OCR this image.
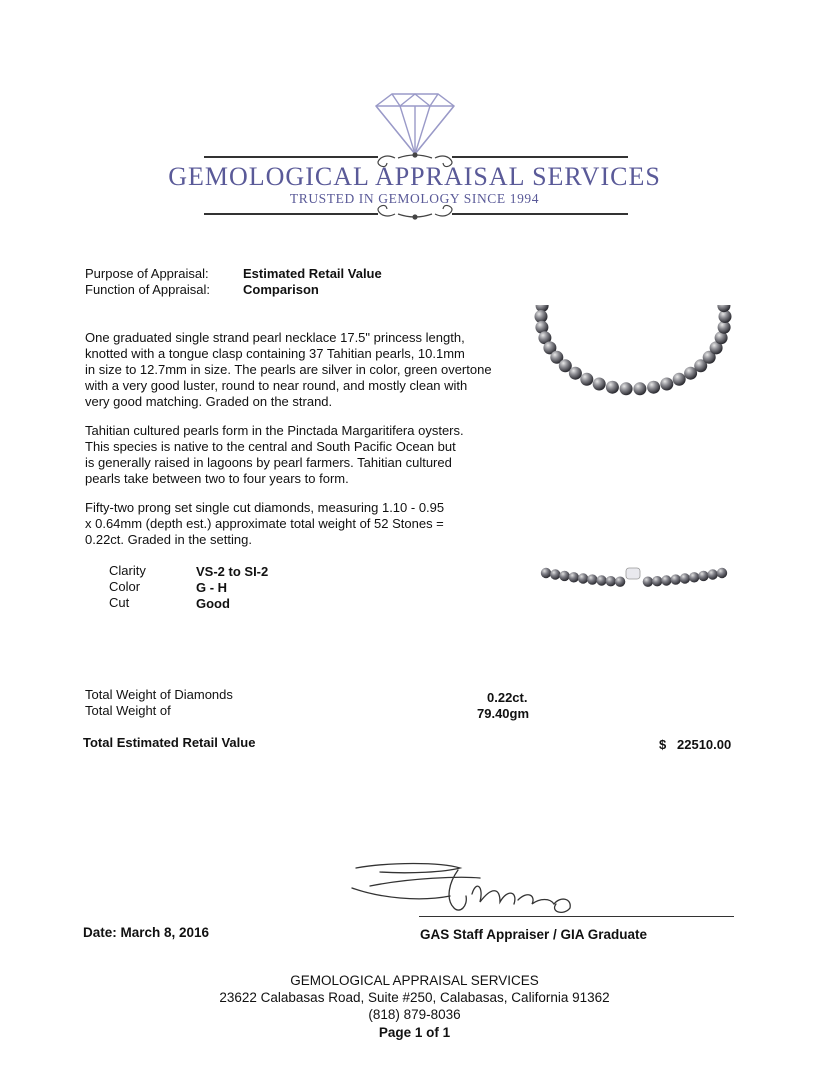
GEMOLOGICAL APPRAISAL SERVICES
TRUSTED IN GEMOLOGY SINCE 1994
Purpose of Appraisal:	Estimated Retail Value
Function of Appraisal:	Comparison
One graduated single strand pearl necklace 17.5" princess length,
knotted with a tongue clasp containing 37 Tahitian pearls, 10.1mm
in size to 12.7mm in size. The pearls are silver in color, green overtone
with a very good luster, round to near round, and mostly clean with
very good matching. Graded on the strand.
Tahitian cultured pearls form in the Pinctada Margaritifera oysters.
This species is native to the central and South Pacific Ocean but
is generally raised in lagoons by pearl farmers. Tahitian cultured
pearls take between two to four years to form.
Fifty-two prong set single cut diamonds, measuring 1.10 - 0.95
x 0.64mm (depth est.) approximate total weight of 52 Stones =
0.22ct. Graded in the setting.
Clarity	VS-2 to SI-2
Color	G - H
Cut	Good
Total Weight of Diamonds	0.22ct.
Total Weight of	79.40gm
Total Estimated Retail Value	$ 22510.00
Date: March 8, 2016	GAS Staff Appraiser / GIA Graduate
GEMOLOGICAL APPRAISAL SERVICES
23622 Calabasas Road, Suite #250, Calabasas, California 91362
(818) 879-8036
Page 1 of 1
